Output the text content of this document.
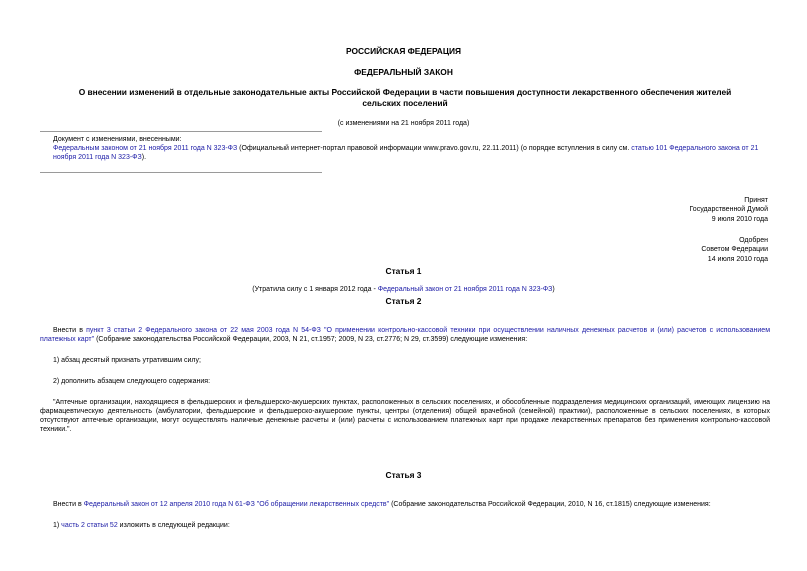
РОССИЙСКАЯ ФЕДЕРАЦИЯ
ФЕДЕРАЛЬНЫЙ ЗАКОН
О внесении изменений в отдельные законодательные акты Российской Федерации в части повышения доступности лекарственного обеспечения жителей сельских поселений
(с изменениями на 21 ноября 2011 года)
Документ с изменениями, внесенными:
Федеральным законом от 21 ноября 2011 года N 323-ФЗ (Официальный интернет-портал правовой информации www.pravo.gov.ru, 22.11.2011) (о порядке вступления в силу см. статью 101 Федерального закона от 21 ноября 2011 года N 323-ФЗ).
Принят
Государственной Думой
9 июля 2010 года
Одобрен
Советом Федерации
14 июля 2010 года
Статья 1
(Утратила силу с 1 января 2012 года - Федеральный закон от 21 ноября 2011 года N 323-ФЗ)
Статья 2
Внести в пункт 3 статьи 2 Федерального закона от 22 мая 2003 года N 54-ФЗ "О применении контрольно-кассовой техники при осуществлении наличных денежных расчетов и (или) расчетов с использованием платежных карт" (Собрание законодательства Российской Федерации, 2003, N 21, ст.1957; 2009, N 23, ст.2776; N 29, ст.3599) следующие изменения:
1) абзац десятый признать утратившим силу;
2) дополнить абзацем следующего содержания:
"Аптечные организации, находящиеся в фельдшерских и фельдшерско-акушерских пунктах, расположенных в сельских поселениях, и обособленные подразделения медицинских организаций, имеющих лицензию на фармацевтическую деятельность (амбулатории, фельдшерские и фельдшерско-акушерские пункты, центры (отделения) общей врачебной (семейной) практики), расположенные в сельских поселениях, в которых отсутствуют аптечные организации, могут осуществлять наличные денежные расчеты и (или) расчеты с использованием платежных карт при продаже лекарственных препаратов без применения контрольно-кассовой техники.".
Статья 3
Внести в Федеральный закон от 12 апреля 2010 года N 61-ФЗ "Об обращении лекарственных средств" (Собрание законодательства Российской Федерации, 2010, N 16, ст.1815) следующие изменения:
1) часть 2 статьи 52 изложить в следующей редакции:
